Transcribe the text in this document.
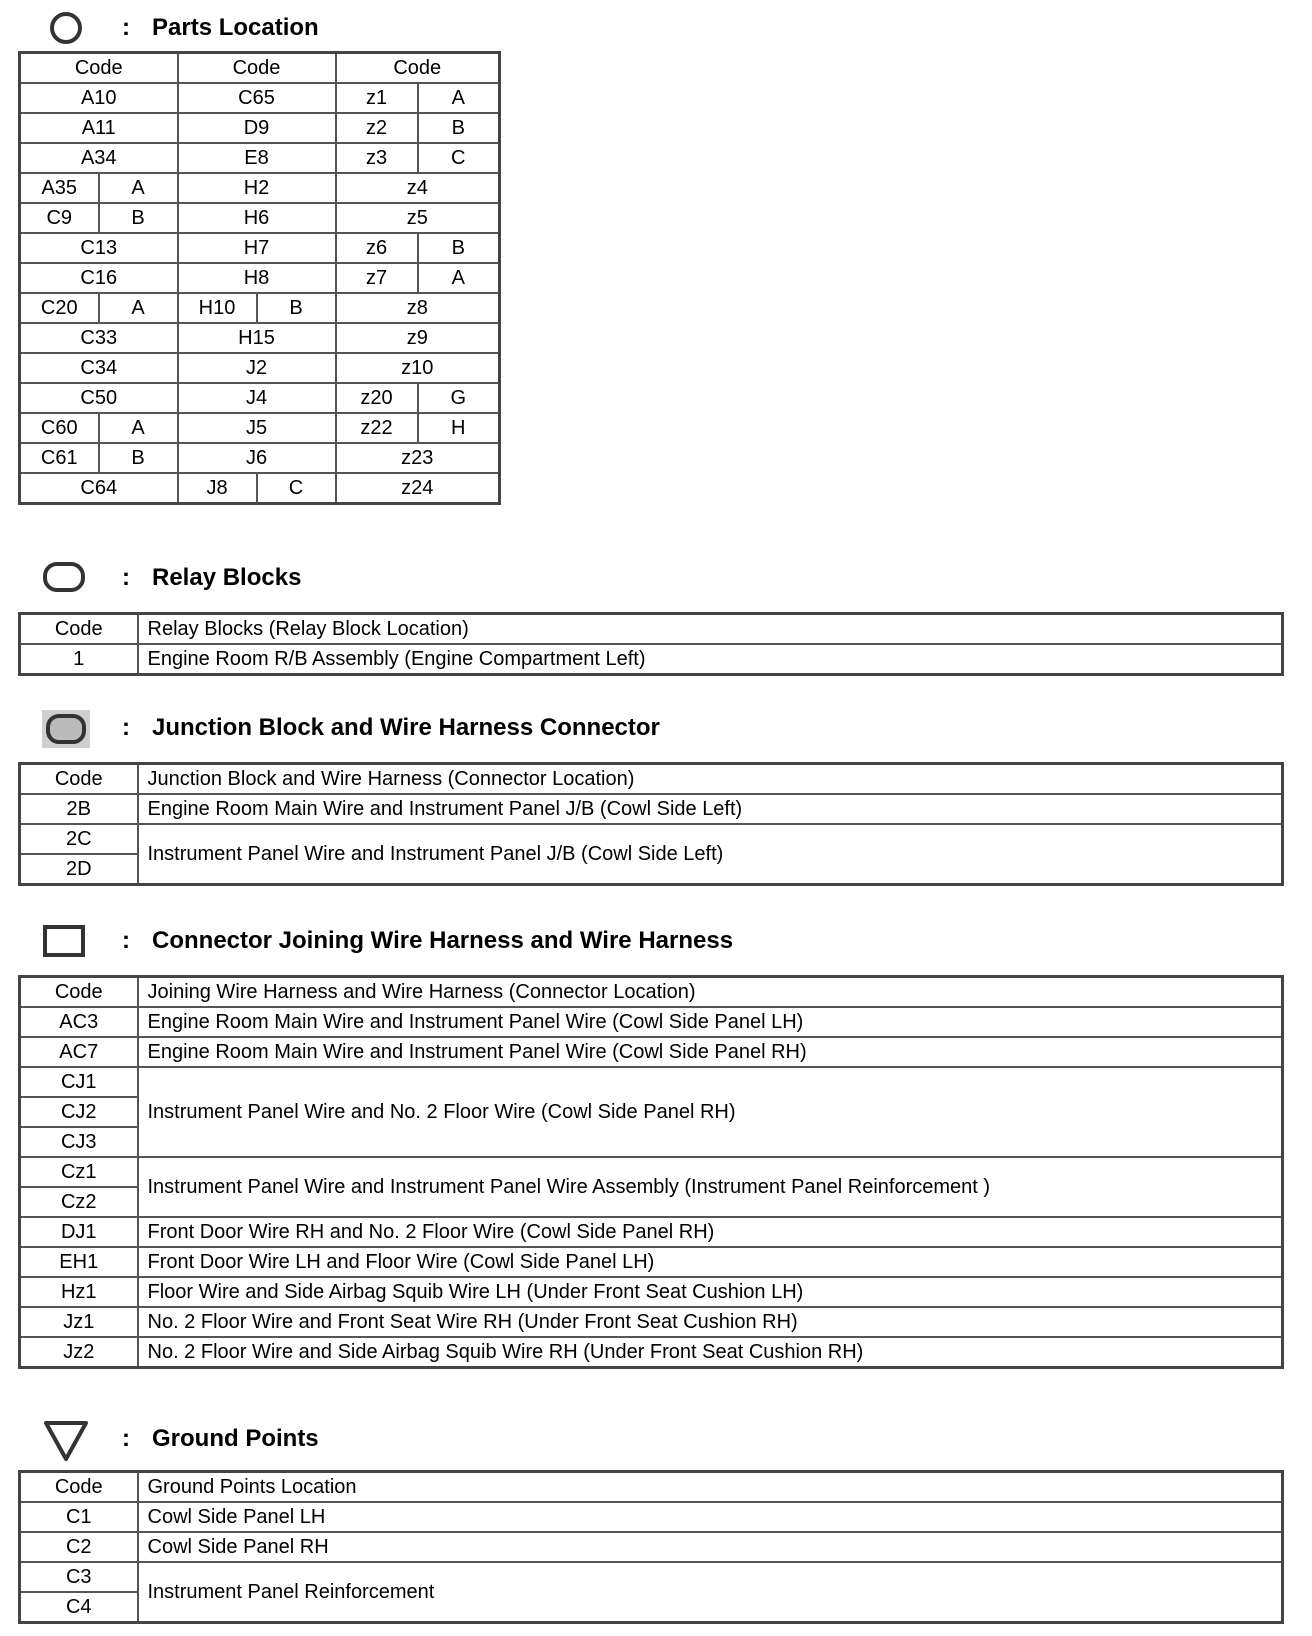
: Parts Location
Code		Code		Code	
A10		C65		z1	A
A11		D9		z2	B
A34		E8		z3	C
A35	A	H2		z4	
C9	B	H6		z5	
C13		H7		z6	B
C16		H8		z7	A
C20	A	H10	B	z8	
C33		H15		z9	
C34		J2		z10	
C50		J4		z20	G
C60	A	J5		z22	H
C61	B	J6		z23	
C64		J8	C	z24	
: Relay Blocks
Code	Relay Blocks (Relay Block Location)
1	Engine Room R/B Assembly (Engine Compartment Left)
: Junction Block and Wire Harness Connector
Code	Junction Block and Wire Harness (Connector Location)
2B	Engine Room Main Wire and Instrument Panel J/B (Cowl Side Left)
2C	Instrument Panel Wire and Instrument Panel J/B (Cowl Side Left)
2D	
: Connector Joining Wire Harness and Wire Harness
Code	Joining Wire Harness and Wire Harness (Connector Location)
AC3	Engine Room Main Wire and Instrument Panel Wire (Cowl Side Panel LH)
AC7	Engine Room Main Wire and Instrument Panel Wire (Cowl Side Panel RH)
CJ1	Instrument Panel Wire and No. 2 Floor Wire (Cowl Side Panel RH)
CJ2	
CJ3	
Cz1	Instrument Panel Wire and Instrument Panel Wire Assembly (Instrument Panel Reinforcement )
Cz2	
DJ1	Front Door Wire RH and No. 2 Floor Wire (Cowl Side Panel RH)
EH1	Front Door Wire LH and Floor Wire (Cowl Side Panel LH)
Hz1	Floor Wire and Side Airbag Squib Wire LH (Under Front Seat Cushion LH)
Jz1	No. 2 Floor Wire and Front Seat Wire RH (Under Front Seat Cushion RH)
Jz2	No. 2 Floor Wire and Side Airbag Squib Wire RH (Under Front Seat Cushion RH)
: Ground Points
Code	Ground Points Location
C1	Cowl Side Panel LH
C2	Cowl Side Panel RH
C3	Instrument Panel Reinforcement
C4	
